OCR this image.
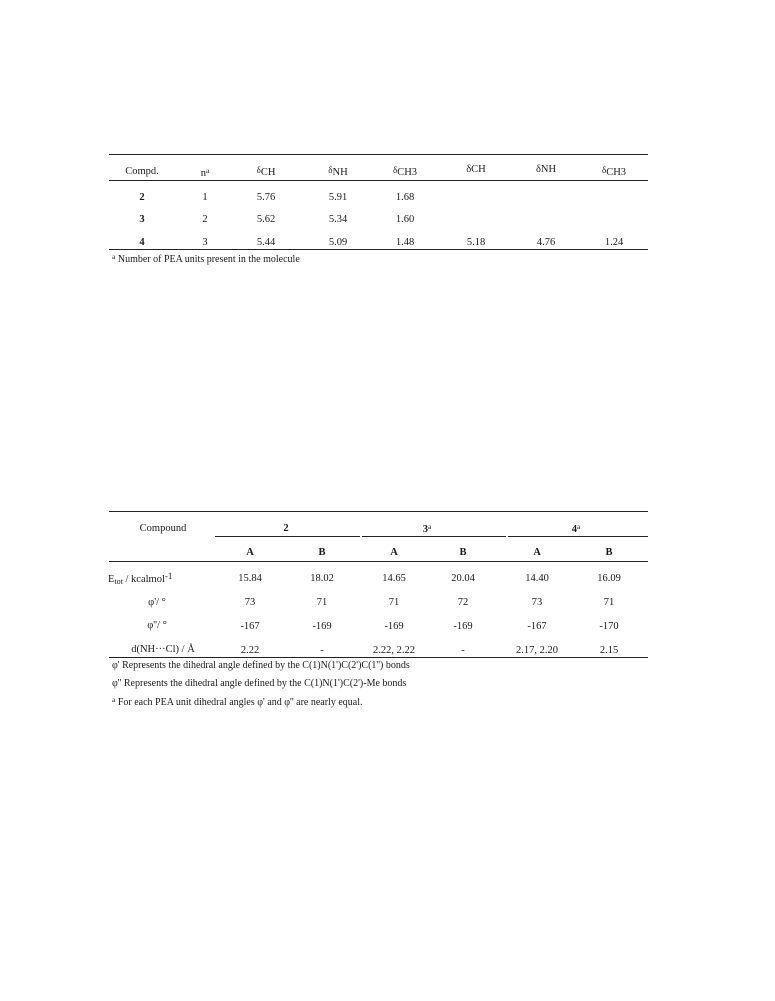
Compd.	$n^a$	δCH	δNH	δCH3	δCH	δNH	δCH3
2	1	5.76	5.91	1.68
3	2	5.62	5.34	1.60
4	3	5.44	5.09	1.48	5.18	4.76	1.24
$^a$ Number of PEA units present in the molecule
Compound	2	3$^a$	4$^a$
A	B	A	B	A	B
$E_{tot}$ / kcalmol-1	15.84	18.02	14.65	20.04	14.40	16.09
φ'/ °	73	71	71	72	73	71
φ''/ °	-167	-169	-169	-169	-167	-170
d(NH···Cl) / Å	2.22	-	2.22, 2.22	-	2.17, 2.20	2.15
φ' Represents the dihedral angle defined by the C(1)N(1')C(2')C(1'') bonds
φ'' Represents the dihedral angle defined by the C(1)N(1')C(2')-Me bonds
$^a$ For each PEA unit dihedral angles φ' and φ'' are nearly equal.
